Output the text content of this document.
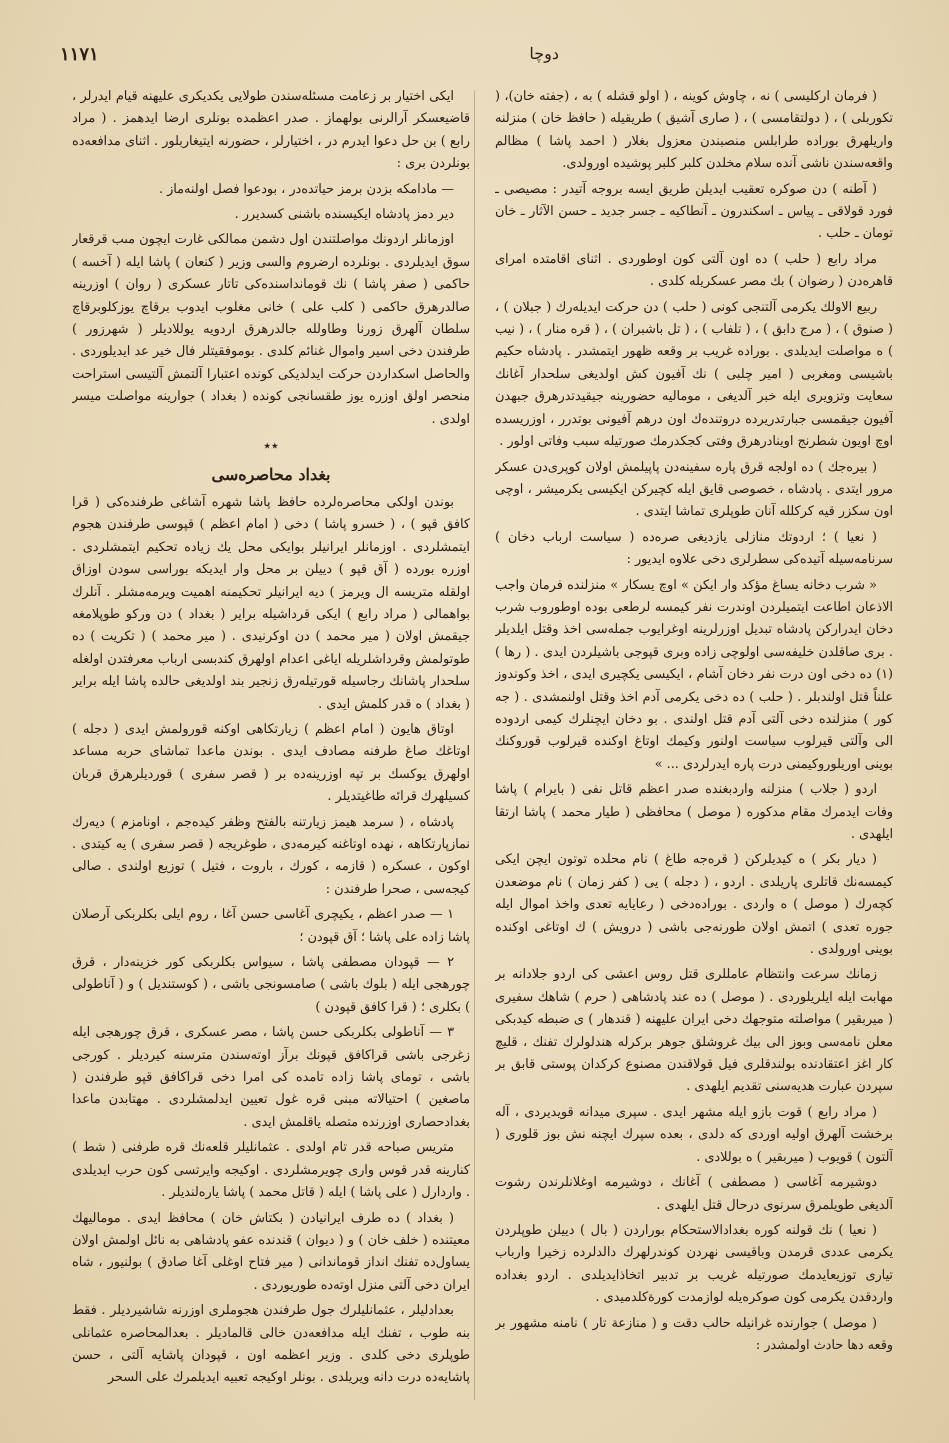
دوچا
۱۱۷۱

( فرمان اركليسى ) نه ، چاوش كوينه ، ( اولو قشله ) به ، (جفته خان)، ( تكوربلى ) ، ( دولتقامسى ) ، ( صارى آشيق ) طريقيله ( حافظ خان ) منزلنه واريلهرق بوراده طرابلس منصبندن معزول بغلار ( احمد پاشا ) مظالم واقعه‌سندن ناشى آنده سلام مخلدن كلبر كلبر پوشيده اورولدى.

( آطنه ) دن صوكره تعقيب ايديلن طريق ايسه بروجه آتيدر : مصيصى ـ فورد قولاقى ـ پياس ـ اسكندرون ـ آنطاكيه ـ جسر جديد ـ حسن الآثار ـ خان تومان ـ حلب .

مراد رابع ( حلب ) ده اون آلتى كون اوطوردى . اثناى اقامتده امراى قاهره‌دن ( رضوان ) بك مصر عسكريله كلدى .

ربيع الاولك يكرمى آلتنجى كونى ( حلب ) دن حركت ايديله‌رك ( جبلان ) ، ( صنوق ) ، ( مرج دابق ) ، ( تلفاب ) ، ( تل باشبران ) ، ( قره منار ) ، ( نيب ) ه مواصلت ايديلدى . بوراده غريب بر وقعه ظهور ايتمشدر . پادشاه حكيم باشيسى ومغربى ( امير چلبى ) نك آفيون كش اولديغى سلحدار آغانك سعايت وتزويرى ايله خبر آلديغى ، موماليه حضورينه جيقيدتدرهرق جبهدن آفيون جيقمسى جبارتدريرده دروتنده‌ك اون درهم آفيونى بوتدرر ، اوزريسده اوچ اويون شطرنج اوينادرهرق وفتى كجكدرمك صورتيله سبب وفاتى اولور .

( بيره‌جك ) ده اولجه قرق پاره سفينه‌دن پاپيلمش اولان كوپرى‌دن عسكر مرور ايتدى . پادشاه ، خصوصى قايق ايله كچيركن ايكيسى يكرميشر ، اوچى اون سكزر قيه كركلله آنان طوپلرى تماشا ايتدى .

( نعيا ) ؛ اردوتك منازلى يازديغى صره‌ده ( سياست ارباب دخان ) سرنامه‌سيله آتيده‌كى سطرلرى دخى علاوه ايديور :

« شرب دخانه يساغ مؤكد وار ايكن » اوچ يسكار » منزلنده فرمان واجب الاذعان اطاعت ايتميلردن اوندرت نفر كيمسه لرطعى بوده اوطوروب شرب دخان ايدراركن پادشاه تبديل اوزرلرينه اوغرايوب جمله‌سى اخذ وقتل ايلديلر . برى صاقلدن خليفه‌سى اولوچى زاده وبرى قپوجى باشيلردن ايدى . ( رها ) (١) ده دخى اون درت نفر دخان آشام ، ايكيسى يكچيرى ايدى ، اخذ وكوندوز علناً قتل اولندبلر . ( حلب ) ده دخى يكرمى آدم اخذ وقتل اولنمشدى . ( جه كور ) منزلنده دخى آلتى آدم قتل اولندى . بو دخان ايچنلرك كيمى اردوده الى وآلتى قيرلوب سياست اولنور وكيمك اوتاغ اوكنده قيرلوب قوروكنك بوينى اوريلوروكيمنى درت پاره ايدرلردى ... »

اردو ( جلاب ) منزلنه واردبغنده صدر اعظم قاتل نفى ( بايرام ) پاشا وفات ايدمرك مقام مدكوره ( موصل ) محافظى ( طيار محمد ) پاشا ارتقا ايلهدى .

( ديار بكر ) ه كيديلركن ( قره‌جه طاغ ) نام محلده توتون ايچن ايكى كيمسه‌نك قاتلرى پاريلدى . اردو ، ( دجله ) يى ( كفر زمان ) نام موضعدن كچه‌رك ( موصل ) ه واردى . بوراده‌دخى ( رعايايه تعدى واخذ اموال ايله جوره تعدى ) اتمش اولان طورنه‌جى باشى ( درويش ) ك اوتاغى اوكنده بوينى اورولدى .

زمانك سرعت وانتظام عامللرى قتل روس اعشى كى اردو جلادانه بر مهابت ايله ايلريلوردى . ( موصل ) ده عند پادشاهى ( حرم ) شاهك سفيرى ( ميربقير ) مواصلته متوجهك دخى ايران عليهنه ( قندهار ) ى ضبطه كيدبكى معلن نامه‌سى وبوز الى بيك غروشلق جوهر بركرله هندلولرك تفنك ، قليچ كار اغز اعتقادنده بولندقلرى فيل قولاقندن مصنوع كركدان پوستى قابق بر سپردن عبارت هديه‌سنى تقديم ايلهدى .

( مراد رابع ) قوت بازو ايله مشهر ايدى . سپرى ميدانه قويديردى ، آله برخشت آلهرق اوليه اوردى كه دلدى ، بعده سپرك ايچنه نش بوز قلورى ( آلتون ) قويوب ( ميربقير ) ه بوللادى .

دوشيرمه آغاسى ( مصطفى ) آغانك ، دوشيرمه اوغلانلرندن رشوت آلديغى طويلمرق سرنوى درحال قتل ايلهدى .

( نعيا ) نك قولنه كوره بغدادالاستحكام بوراردن ( بال ) دييلن طوپلردن يكرمى عددى قرمدن وباقيسى نهردن كوندرلهرك دالدلرده زخيرا وارباب تيارى توزيعايدمك صورتيله غريب بر تدبير اتخاذايديلدى . اردو بغداده واردقدن يكرمى كون صوكره‌يله لوازمدت كورة‌كلدميدى .

( موصل ) جوارنده غرانيله حالب دقت و ( منازعة تار ) نامنه مشهور بر وقعه دها حادث اولمشدر :

ايكى اختيار بر زعامت مسئله‌سندن طولايى يكديكرى عليهنه قيام ايدرلر ، قاضيعسكر آرالرنى بولهماز . صدر اعظمده بونلرى ارضا ايدهمز . ( مراد رابع ) بن حل دعوا ايدرم در ، اختيارلر ، حضورنه ايتيغاربلور . اثناى مدافعه‌ده بونلردن برى :

— مادامكه بزدن برمز حياتده‌در ، بودعوا فصل اولنه‌ماز .

دير دمز پادشاه ايكيسنده باشنى كسديرر .

اوزمانلر اردونك مواصلتندن اول دشمن ممالكى غارت ايچون مىب قرقعار سوق ايديلردى . بونلرده ارضروم والسى وزير ( كنعان ) پاشا ايله ( آخسه ) حاكمى ( صفر پاشا ) نك قومانداسنده‌كى تاتار عسكرى ( روان ) اوزرينه صالدرهرق حاكمى ( كلب على ) خانى مغلوب ايدوب برقاچ يوزكلوبرقاچ سلطان آلهرق زورنا وطاولله جالدرهرق اردويه يوللاديلر ( شهرزور ) طرفندن دخى اسير واموال غنائم كلدى . بوموفقيتلر فال خير عد ايديلوردى . والحاصل اسكداردن حركت ايدلديكى كونده اعتبارا آلتمش آلتيسى استراحت منحصر اولق اوزره يوز طقسانجى كونده ( بغداد ) جوارينه مواصلت ميسر اولدى .

٭٭

بغداد محاصره‌سى

بوندن اولكى محاصره‌لرده حافظ پاشا شهره آشاغى طرفنده‌كى ( قرا كافق قپو ) ، ( خسرو پاشا ) دخى ( امام اعظم ) قپوسى طرفندن هجوم ايتمشلردى . اوزمانلر ايرانيلر بوايكى محل يك زياده تحكيم ايتمشلردى . اوزره بورده ( آق قپو ) دييلن بر محل وار ايديكه بوراسى سودن اوزاق اولقله متريسه ال ويرمز ) ديه ايرانيلر تحكيمنه اهميت ويرمه‌مشلر . آنلرك بواهمالى ( مراد رابع ) ايكى قرداشيله براير ( بغداد ) دن وركو طوپلامغه جيقمش اولان ( مير محمد ) دن اوكرنيدى . ( مير محمد ) ( تكريت ) ده طوتولمش وقرداشلريله اياغى اعدام اولهرق كندبسى ارباب معرفتدن اولغله سلحدار پاشانك رجاسيله قورتيله‌رق زنجير بند اولديغى حالده پاشا ايله براير ( بغداد ) ه قدر كلمش ايدى .

اوتاق هايون ( امام اعظم ) زيارتكاهى اوكنه قورولمش ايدى ( دجله ) اوتاغك صاغ طرفنه مصادف ايدى . بوندن ماعدا تماشاى حربه مساعد اولهرق يوكسك بر تپه اوزرينه‌ده بر ( قصر سفرى ) قورديلرهرق قربان كسيلهرك قرائه طاغيتديلر .

پادشاه ، ( سرمد هيمز زيارتنه بالفتح وظفر كيده‌جم ، اونامزم ) ديه‌رك نمازپارتكاهه ، نهده اوتاغنه كيرمه‌دى ، طوغريجه ( قصر سفرى ) يه كيتدى . اوكون ، عسكره ( قازمه ، كورك ، باروت ، فتيل ) توزيع اولندى . صالى كيجه‌سى ، صحرا طرفندن :

١ — صدر اعظم ، يكيچرى آغاسى حسن آغا ، روم ايلى بكلربكى آرصلان پاشا زاده على پاشا ؛ آق قپودن ؛

٢ — قپودان مصطفى پاشا ، سيواس بكلربكى كور خزينه‌دار ، قرق چورهجى ايله ( بلوك باشى ) صامسونجى باشى ، ( كوستنديل ) و ( آناطولى ) بكلرى ؛ ( قرا كافق قپودن )

٣ — آناطولى بكلربكى حسن پاشا ، مصر عسكرى ، قرق چورهجى ايله زغرجى باشى قراكافق قپونك برآز اوته‌سندن مترسنه كيرديلر . كورجى باشى ، توماى پاشا زاده تامده كى امرا دخى قراكافق قپو طرفندن ( ماصغين ) احتيالاته مبنى قره غول تعيين ايدلمشلردى . مهتابدن ماعدا بغدادحصارى اوزرنده متصله ياقلمش ايدى .

متريس صباحه قدر تام اولدى . عثمانليلر قلعه‌نك قره طرفنى ( شط ) كنارينه قدر قوس وارى چويرمشلردى . اوكيجه وايرتسى كون حرب ايديلدى . واردارل ( على پاشا ) ايله ( قاتل محمد ) پاشا يارەلنديلر .

( بغداد ) ده طرف ايرانيادن ( بكتاش خان ) محافظ ايدى . موماليهك معيتنده ( خلف خان ) و ( ديوان ) قندنده عفو پادشاهى به نائل اولمش اولان يساول‌ده تفنك انداز قوماندانى ( مير فتاح اوغلى آغا صادق ) بولنيور ، شاه ايران دخى آلتى منزل اوته‌ده طوريوردى .

بعدادليلر ، عثمانليلرك جول طرفندن هجوملرى اوزرنه شاشيرديلر . فقط بنه طوب ، تفنك ايله مدافعه‌دن خالى قالماديلر . بعدالمحاصره عثمانلى طوپلرى دخى كلدى . وزير اعظمه اون ، قپودان پاشايه آلتى ، حسن پاشايه‌ده درت دانه ويريلدى . بونلر اوكيجه تعبيه ايديلمرك على السحر
